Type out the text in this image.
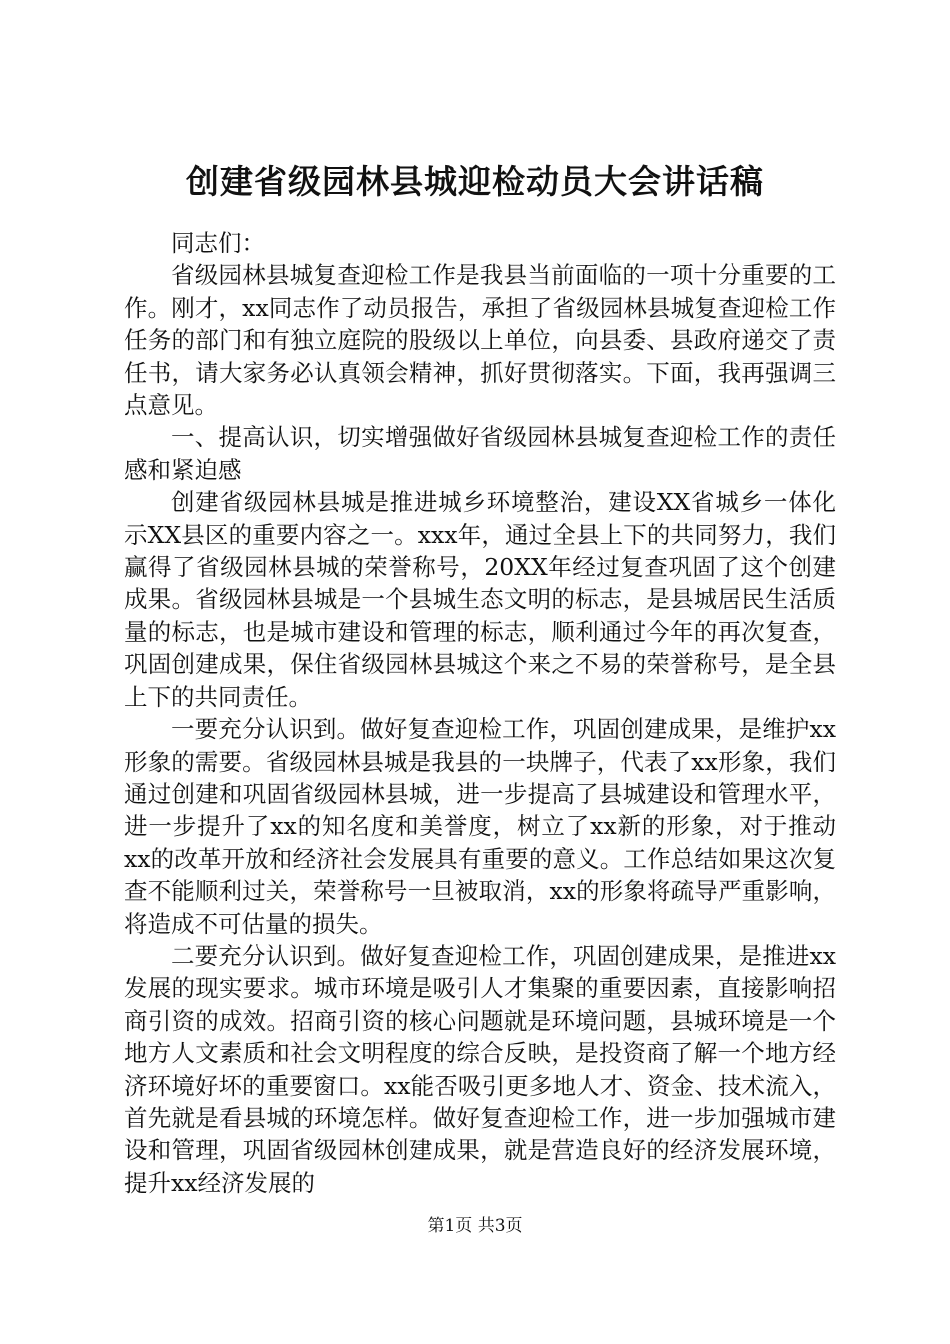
创建省级园林县城迎检动员大会讲话稿

同志们：

省级园林县城复查迎检工作是我县当前面临的一项十分重要的工作。刚才，xx同志作了动员报告，承担了省级园林县城复查迎检工作任务的部门和有独立庭院的股级以上单位，向县委、县政府递交了责任书，请大家务必认真领会精神，抓好贯彻落实。下面，我再强调三点意见。

一、提高认识，切实增强做好省级园林县城复查迎检工作的责任感和紧迫感

创建省级园林县城是推进城乡环境整治，建设XX省城乡一体化示XX县区的重要内容之一。xxx年，通过全县上下的共同努力，我们赢得了省级园林县城的荣誉称号，20XX年经过复查巩固了这个创建成果。省级园林县城是一个县城生态文明的标志，是县城居民生活质量的标志，也是城市建设和管理的标志，顺利通过今年的再次复查，巩固创建成果，保住省级园林县城这个来之不易的荣誉称号，是全县上下的共同责任。

一要充分认识到。做好复查迎检工作，巩固创建成果，是维护xx形象的需要。省级园林县城是我县的一块牌子，代表了xx形象，我们通过创建和巩固省级园林县城，进一步提高了县城建设和管理水平，进一步提升了xx的知名度和美誉度，树立了xx新的形象，对于推动xx的改革开放和经济社会发展具有重要的意义。工作总结如果这次复查不能顺利过关，荣誉称号一旦被取消，xx的形象将疏导严重影响，将造成不可估量的损失。

二要充分认识到。做好复查迎检工作，巩固创建成果，是推进xx发展的现实要求。城市环境是吸引人才集聚的重要因素，直接影响招商引资的成效。招商引资的核心问题就是环境问题，县城环境是一个地方人文素质和社会文明程度的综合反映，是投资商了解一个地方经济环境好坏的重要窗口。xx能否吸引更多地人才、资金、技术流入，首先就是看县城的环境怎样。做好复查迎检工作，进一步加强城市建设和管理，巩固省级园林创建成果，就是营造良好的经济发展环境，提升xx经济发展的

第1页 共3页
